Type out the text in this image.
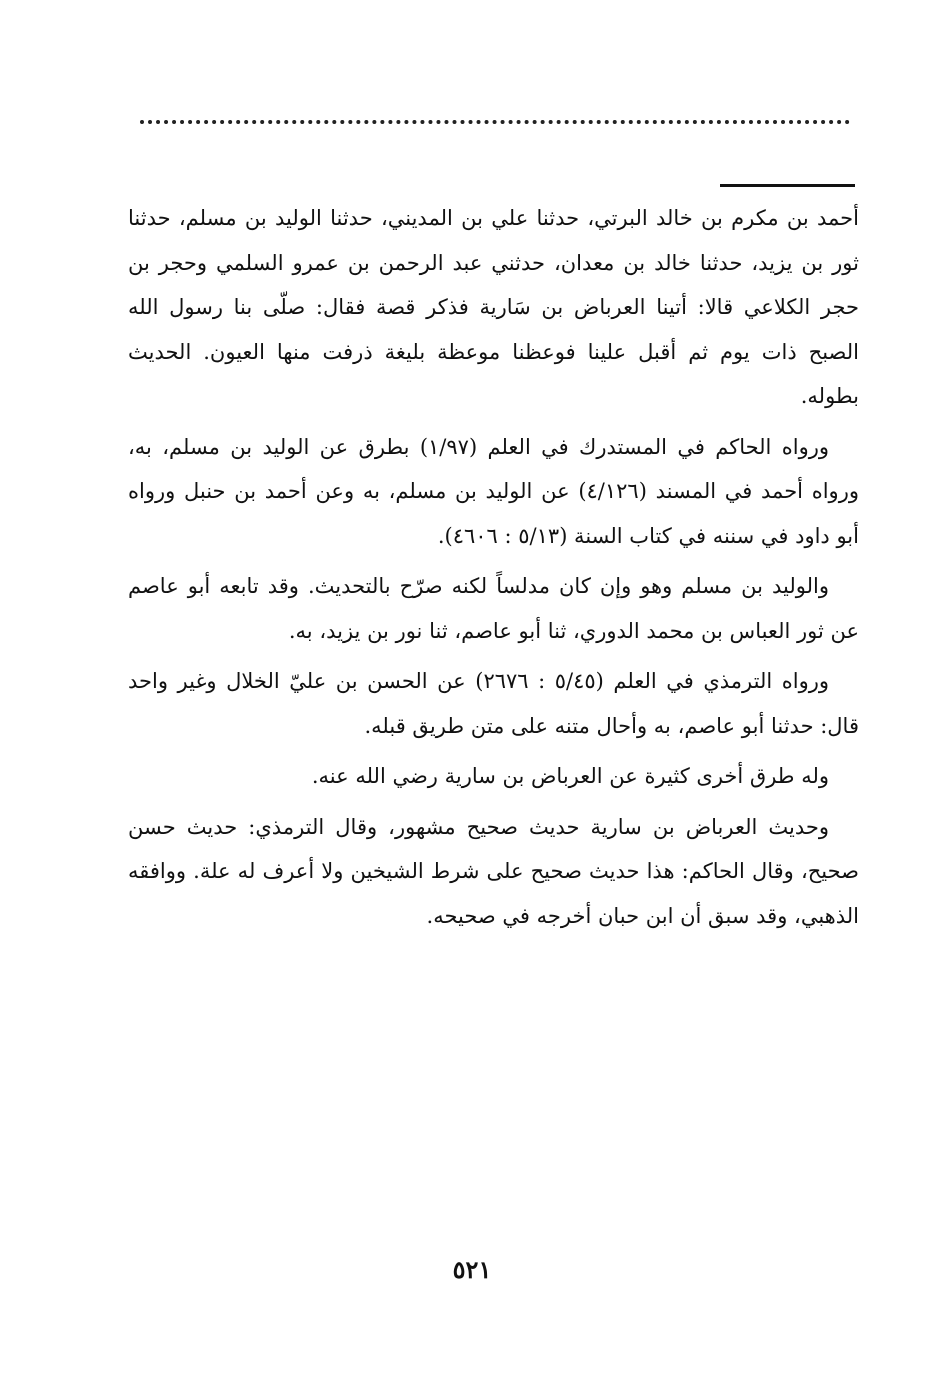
أحمد بن مكرم بن خالد البرتي، حدثنا علي بن المديني، حدثنا الوليد بن مسلم، حدثنا ثور بن يزيد، حدثنا خالد بن معدان، حدثني عبد الرحمن بن عمرو السلمي وحجر بن حجر الكلاعي قالا: أتينا العرباض بن سَارية فذكر قصة فقال: صلّى بنا رسول الله الصبح ذات يوم ثم أقبل علينا فوعظنا موعظة بليغة ذرفت منها العيون. الحديث بطوله.

ورواه الحاكم في المستدرك في العلم (١/٩٧) بطرق عن الوليد بن مسلم، به، ورواه أحمد في المسند (٤/١٢٦) عن الوليد بن مسلم، به وعن أحمد بن حنبل ورواه أبو داود في سننه في كتاب السنة (٥/١٣ : ٤٦٠٦).

والوليد بن مسلم وهو وإن كان مدلساً لكنه صرّح بالتحديث. وقد تابعه أبو عاصم عن ثور العباس بن محمد الدوري، ثنا أبو عاصم، ثنا نور بن يزيد، به.

ورواه الترمذي في العلم (٥/٤٥ : ٢٦٧٦) عن الحسن بن عليّ الخلال وغير واحد قال: حدثنا أبو عاصم، به وأحال متنه على متن طريق قبله.

وله طرق أخرى كثيرة عن العرباض بن سارية رضي الله عنه.

وحديث العرباض بن سارية حديث صحيح مشهور، وقال الترمذي: حديث حسن صحيح، وقال الحاكم: هذا حديث صحيح على شرط الشيخين ولا أعرف له علة. ووافقه الذهبي، وقد سبق أن ابن حبان أخرجه في صحيحه.

٥٢١
